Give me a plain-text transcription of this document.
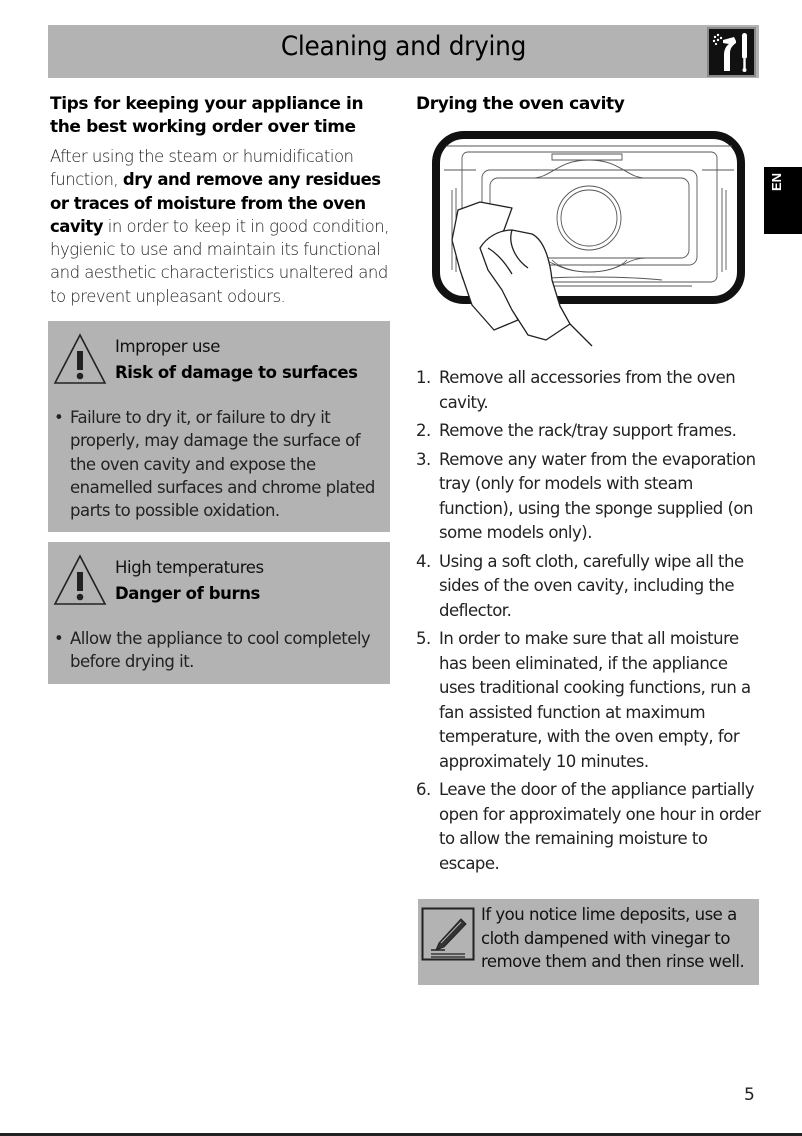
Cleaning and drying
EN
Tips for keeping your appliance in the best working order over time

After using the steam or humidification function, dry and remove any residues or traces of moisture from the oven cavity in order to keep it in good condition, hygienic to use and maintain its functional and aesthetic characteristics unaltered and to prevent unpleasant odours.

Improper use
Risk of damage to surfaces
• Failure to dry it, or failure to dry it properly, may damage the surface of the oven cavity and expose the enamelled surfaces and chrome plated parts to possible oxidation.
High temperatures
Danger of burns
• Allow the appliance to cool completely before drying it.
Drying the oven cavity
1. Remove all accessories from the oven cavity.
2. Remove the rack/tray support frames.
3. Remove any water from the evaporation tray (only for models with steam function), using the sponge supplied (on some models only).
4. Using a soft cloth, carefully wipe all the sides of the oven cavity, including the deflector.
5. In order to make sure that all moisture has been eliminated, if the appliance uses traditional cooking functions, run a fan assisted function at maximum temperature, with the oven empty, for approximately 10 minutes.
6. Leave the door of the appliance partially open for approximately one hour in order to allow the remaining moisture to escape.
If you notice lime deposits, use a cloth dampened with vinegar to remove them and then rinse well.
5
